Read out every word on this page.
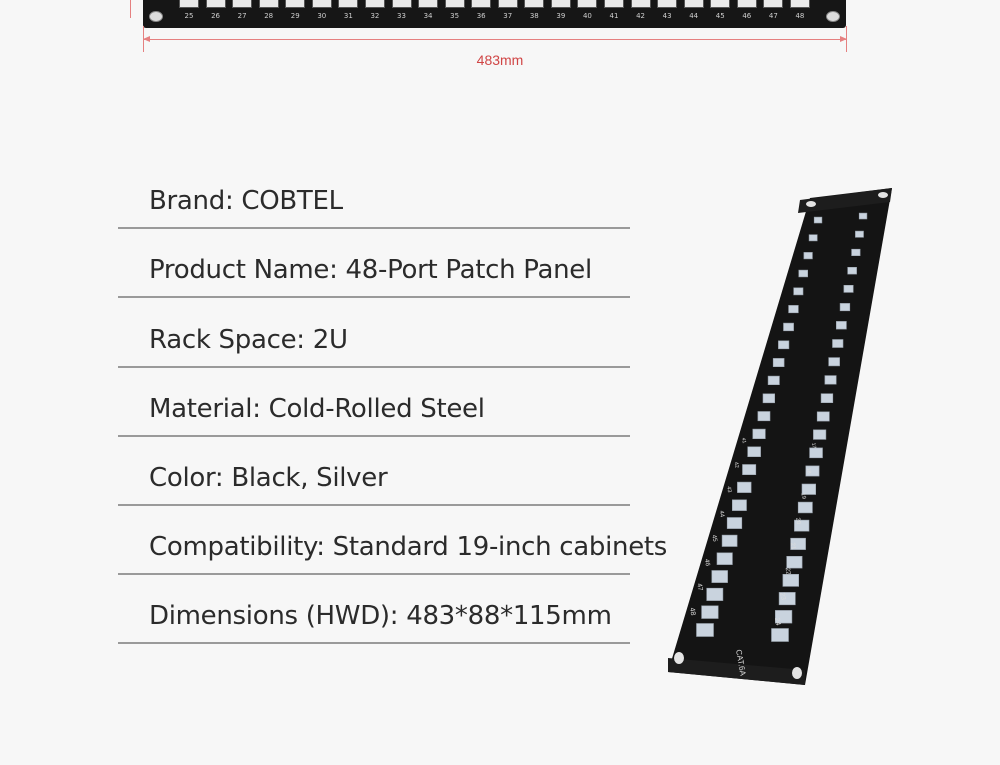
25	26	27	28	29	30	31	32	33	34	35	36	37	38	39	40	41	42	43	44	45	46	47	48
483mm
Brand: COBTEL
Product Name: 48-Port Patch Panel
Rack Space: 2U
Material: Cold-Rolled Steel
Color: Black, Silver
Compatibility: Standard 19-inch cabinets
Dimensions (HWD): 483*88*115mm
41
42
43
44
45
46
47
48
17
18
19
20
21
22
23
24
CAT.6A
